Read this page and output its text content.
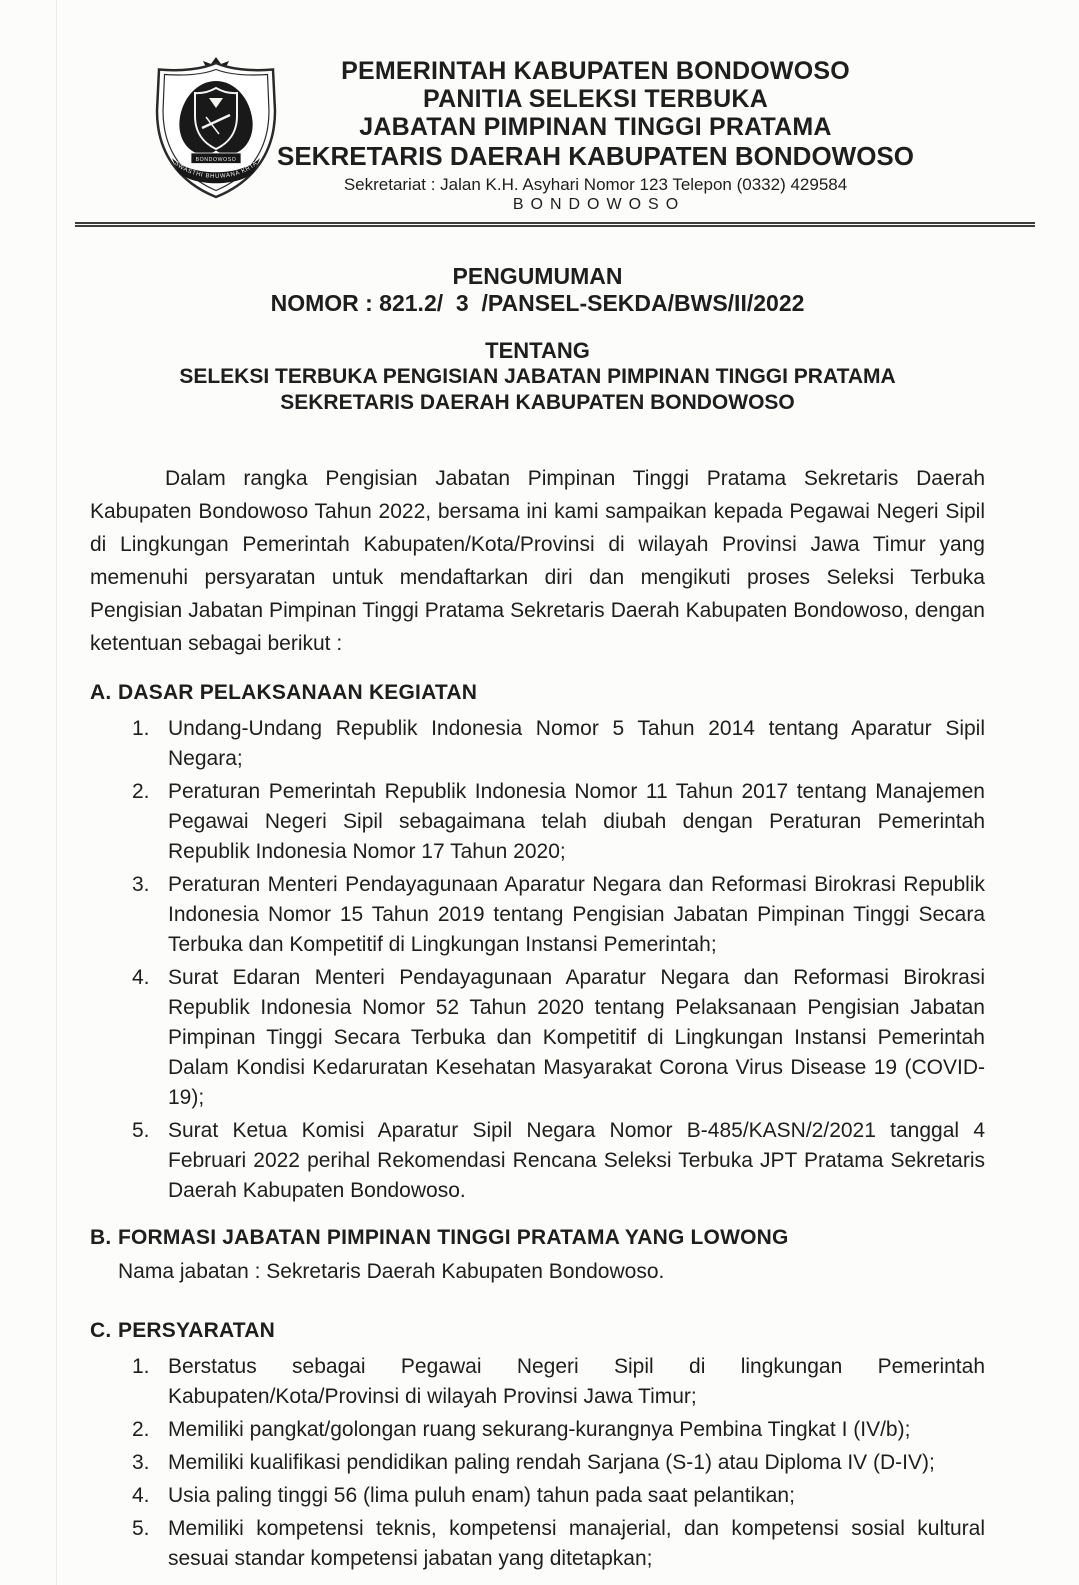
BONDOWOSO
SWASTHI BHUWANA KRTA
PEMERINTAH KABUPATEN BONDOWOSO
PANITIA SELEKSI TERBUKA
JABATAN PIMPINAN TINGGI PRATAMA
SEKRETARIS DAERAH KABUPATEN BONDOWOSO
Sekretariat : Jalan K.H. Asyhari Nomor 123 Telepon (0332) 429584
BONDOWOSO
PENGUMUMAN
NOMOR : 821.2/  3  /PANSEL-SEKDA/BWS/II/2022
TENTANG
SELEKSI TERBUKA PENGISIAN JABATAN PIMPINAN TINGGI PRATAMA
SEKRETARIS DAERAH KABUPATEN BONDOWOSO

Dalam rangka Pengisian Jabatan Pimpinan Tinggi Pratama Sekretaris Daerah Kabupaten Bondowoso Tahun 2022, bersama ini kami sampaikan kepada Pegawai Negeri Sipil di Lingkungan Pemerintah Kabupaten/Kota/Provinsi di wilayah Provinsi Jawa Timur yang memenuhi persyaratan untuk mendaftarkan diri dan mengikuti proses Seleksi Terbuka Pengisian Jabatan Pimpinan Tinggi Pratama Sekretaris Daerah Kabupaten Bondowoso, dengan ketentuan sebagai berikut :

A. DASAR PELAKSANAAN KEGIATAN
1. Undang-Undang Republik Indonesia Nomor 5 Tahun 2014 tentang Aparatur Sipil Negara;
2. Peraturan Pemerintah Republik Indonesia Nomor 11 Tahun 2017 tentang Manajemen Pegawai Negeri Sipil sebagaimana telah diubah dengan Peraturan Pemerintah Republik Indonesia Nomor 17 Tahun 2020;
3. Peraturan Menteri Pendayagunaan Aparatur Negara dan Reformasi Birokrasi Republik Indonesia Nomor 15 Tahun 2019 tentang Pengisian Jabatan Pimpinan Tinggi Secara Terbuka dan Kompetitif di Lingkungan Instansi Pemerintah;
4. Surat Edaran Menteri Pendayagunaan Aparatur Negara dan Reformasi Birokrasi Republik Indonesia Nomor 52 Tahun 2020 tentang Pelaksanaan Pengisian Jabatan Pimpinan Tinggi Secara Terbuka dan Kompetitif di Lingkungan Instansi Pemerintah Dalam Kondisi Kedaruratan Kesehatan Masyarakat Corona Virus Disease 19 (COVID-19);
5. Surat Ketua Komisi Aparatur Sipil Negara Nomor B-485/KASN/2/2021 tanggal 4 Februari 2022 perihal Rekomendasi Rencana Seleksi Terbuka JPT Pratama Sekretaris Daerah Kabupaten Bondowoso.
B. FORMASI JABATAN PIMPINAN TINGGI PRATAMA YANG LOWONG
Nama jabatan : Sekretaris Daerah Kabupaten Bondowoso.
C. PERSYARATAN
1. Berstatus sebagai Pegawai Negeri Sipil di lingkungan Pemerintah Kabupaten/Kota/Provinsi di wilayah Provinsi Jawa Timur;
2. Memiliki pangkat/golongan ruang sekurang-kurangnya Pembina Tingkat I (IV/b);
3. Memiliki kualifikasi pendidikan paling rendah Sarjana (S-1) atau Diploma IV (D-IV);
4. Usia paling tinggi 56 (lima puluh enam) tahun pada saat pelantikan;
5. Memiliki kompetensi teknis, kompetensi manajerial, dan kompetensi sosial kultural sesuai standar kompetensi jabatan yang ditetapkan;
